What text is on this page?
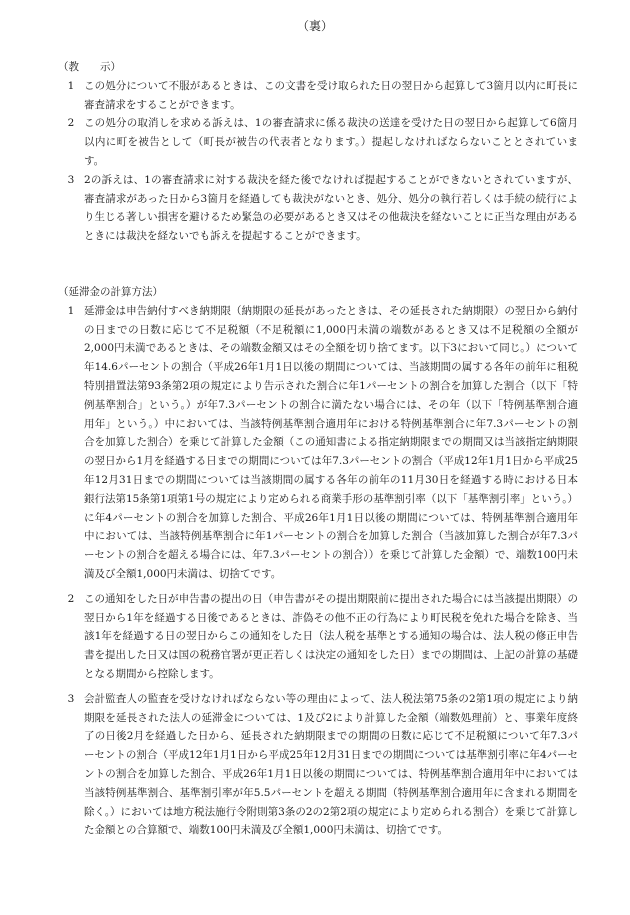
（裏）

（教　　示）

1 この処分について不服があるときは、この文書を受け取られた日の翌日から起算して3箇月以内に町長に審査請求をすることができます。
2 この処分の取消しを求める訴えは、1の審査請求に係る裁決の送達を受けた日の翌日から起算して6箇月以内に町を被告として（町長が被告の代表者となります。）提起しなければならないこととされています。
3 2の訴えは、1の審査請求に対する裁決を経た後でなければ提起することができないとされていますが、審査請求があった日から3箇月を経過しても裁決がないとき、処分、処分の執行若しくは手続の続行により生じる著しい損害を避けるため緊急の必要があるとき又はその他裁決を経ないことに正当な理由があるときには裁決を経ないでも訴えを提起することができます。

（延滞金の計算方法）

1 延滞金は申告納付すべき納期限（納期限の延長があったときは、その延長された納期限）の翌日から納付の日までの日数に応じて不足税額（不足税額に1,000円未満の端数があるとき又は不足税額の全額が2,000円未満であるときは、その端数金額又はその全額を切り捨てます。以下3において同じ。）について年14.6パーセントの割合（平成26年1月1日以後の期間については、当該期間の属する各年の前年に租税特別措置法第93条第2項の規定により告示された割合に年1パーセントの割合を加算した割合（以下「特例基準割合」という。）が年7.3パーセントの割合に満たない場合には、その年（以下「特例基準割合適用年」という。）中においては、当該特例基準割合適用年における特例基準割合に年7.3パーセントの割合を加算した割合）を乗じて計算した金額（この通知書による指定納期限までの期間又は当該指定納期限の翌日から1月を経過する日までの期間については年7.3パーセントの割合（平成12年1月1日から平成25年12月31日までの期間については当該期間の属する各年の前年の11月30日を経過する時における日本銀行法第15条第1項第1号の規定により定められる商業手形の基準割引率（以下「基準割引率」という。）に年4パーセントの割合を加算した割合、平成26年1月1日以後の期間については、特例基準割合適用年中においては、当該特例基準割合に年1パーセントの割合を加算した割合（当該加算した割合が年7.3パーセントの割合を超える場合には、年7.3パーセントの割合））を乗じて計算した金額）で、端数100円未満及び全額1,000円未満は、切捨てです。
2 この通知をした日が申告書の提出の日（申告書がその提出期限前に提出された場合には当該提出期限）の翌日から1年を経過する日後であるときは、詐偽その他不正の行為により町民税を免れた場合を除き、当該1年を経過する日の翌日からこの通知をした日（法人税を基準とする通知の場合は、法人税の修正申告書を提出した日又は国の税務官署が更正若しくは決定の通知をした日）までの期間は、上記の計算の基礎となる期間から控除します。
3 会計監査人の監査を受けなければならない等の理由によって、法人税法第75条の2第1項の規定により納期限を延長された法人の延滞金については、1及び2により計算した金額（端数処理前）と、事業年度終了の日後2月を経過した日から、延長された納期限までの期間の日数に応じて不足税額について年7.3パーセントの割合（平成12年1月1日から平成25年12月31日までの期間については基準割引率に年4パーセントの割合を加算した割合、平成26年1月1日以後の期間については、特例基準割合適用年中においては当該特例基準割合、基準割引率が年5.5パーセントを超える期間（特例基準割合適用年に含まれる期間を除く。）においては地方税法施行令附則第3条の2の2第2項の規定により定められる割合）を乗じて計算した金額との合算額で、端数100円未満及び全額1,000円未満は、切捨てです。
